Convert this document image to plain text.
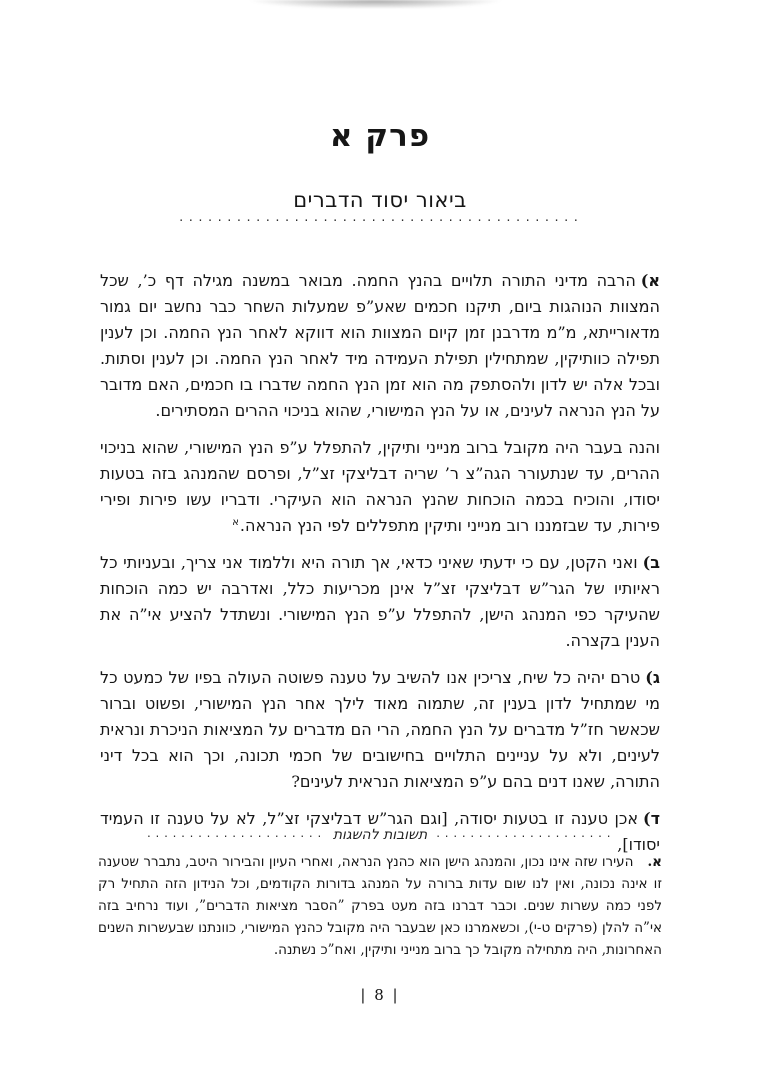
פרק א
ביאור יסוד הדברים
..........................................

א)הרבה מדיני התורה תלויים בהנץ החמה. מבואר במשנה מגילה דף כ’, שכל המצוות הנוהגות ביום, תיקנו חכמים שאע”פ שמעלות השחר כבר נחשב יום גמור מדאורייתא, מ”מ מדרבנן זמן קיום המצוות הוא דווקא לאחר הנץ החמה. וכן לענין תפילה כוותיקין, שמתחילין תפילת העמידה מיד לאחר הנץ החמה. וכן לענין וסתות. ובכל אלה יש לדון ולהסתפק מה הוא זמן הנץ החמה שדברו בו חכמים, האם מדובר על הנץ הנראה לעינים, או על הנץ המישורי, שהוא בניכוי ההרים המסתירים.

והנה בעבר היה מקובל ברוב מנייני ותיקין, להתפלל ע”פ הנץ המישורי, שהוא בניכוי ההרים, עד שנתעורר הגה”צ ר’ שריה דבליצקי זצ”ל, ופרסם שהמנהג בזה בטעות יסודו, והוכיח בכמה הוכחות שהנץ הנראה הוא העיקרי. ודבריו עשו פירות ופירי פירות, עד שבזמננו רוב מנייני ותיקין מתפללים לפי הנץ הנראה.$^א$

ב)ואני הקטן, עם כי ידעתי שאיני כדאי, אך תורה היא וללמוד אני צריך, ובעניותי כל ראיותיו של הגר”ש דבליצקי זצ”ל אינן מכריעות כלל, ואדרבה יש כמה הוכחות שהעיקר כפי המנהג הישן, להתפלל ע”פ הנץ המישורי. ונשתדל להציע אי”ה את הענין בקצרה.

ג)טרם יהיה כל שיח, צריכין אנו להשיב על טענה פשוטה העולה בפיו של כמעט כל מי שמתחיל לדון בענין זה, שתמוה מאוד לילך אחר הנץ המישורי, ופשוט וברור שכאשר חז”ל מדברים על הנץ החמה, הרי הם מדברים על המציאות הניכרת ונראית לעינים, ולא על עניינים התלויים בחישובים של חכמי תכונה, וכך הוא בכל דיני התורה, שאנו דנים בהם ע”פ המציאות הנראית לעינים?

ד)אכן טענה זו בטעות יסודה, [וגם הגר”ש דבליצקי זצ”ל, לא על טענה זו העמיד יסודו],

.....................תשובות להשגות.....................
א.העירו שזה אינו נכון, והמנהג הישן הוא כהנץ הנראה, ואחרי העיון והבירור היטב, נתברר שטענה זו אינה נכונה, ואין לנו שום עדות ברורה על המנהג בדורות הקודמים, וכל הנידון הזה התחיל רק לפני כמה עשרות שנים. וכבר דברנו בזה מעט בפרק ”הסבר מציאות הדברים”, ועוד נרחיב בזה אי”ה להלן (פרקים ט-י), וכשאמרנו כאן שבעבר היה מקובל כהנץ המישורי, כוונתנו שבעשרות השנים האחרונות, היה מתחילה מקובל כך ברוב מנייני ותיקין, ואח”כ נשתנה.
| 8 |
